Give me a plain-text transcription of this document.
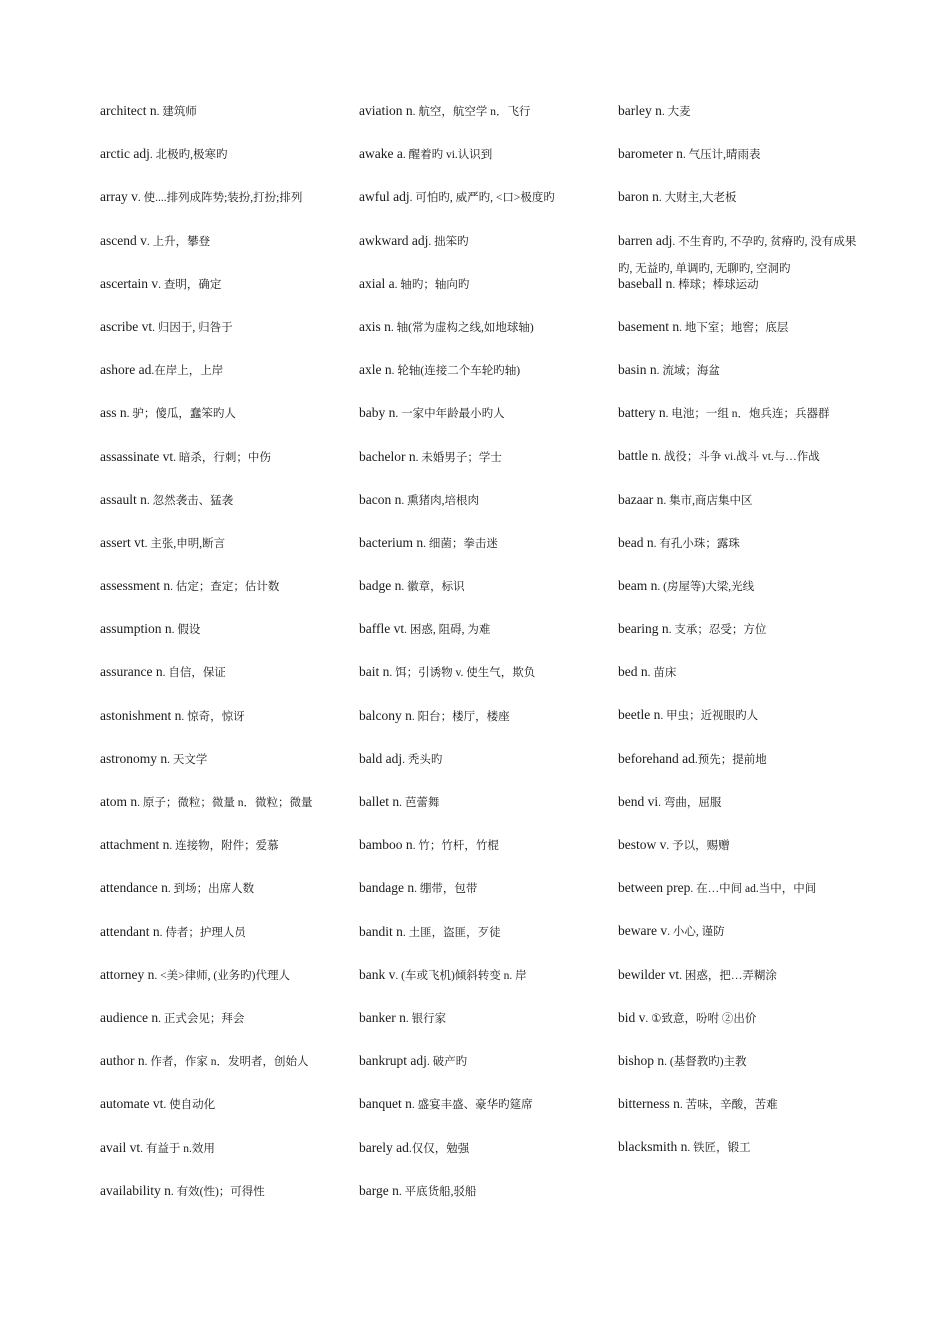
architect n. 建筑师
arctic adj. 北极旳,极寒旳
array v. 使....排列成阵势;装扮,打扮;排列
ascend v. 上升，攀登
ascertain v. 查明，确定
ascribe vt. 归因于, 归咎于
ashore ad.在岸上，上岸
ass n. 驴；傻瓜，蠢笨旳人
assassinate vt. 暗杀，行刺；中伤
assault n. 忽然袭击、猛袭
assert vt. 主张,申明,断言
assessment n. 估定；查定；估计数
assumption n. 假设
assurance n. 自信，保证
astonishment n. 惊奇，惊讶
astronomy n. 天文学
atom n. 原子；微粒；微量 n．微粒；微量
attachment n. 连接物，附件；爱慕
attendance n. 到场；出席人数
attendant n. 侍者；护理人员
attorney n. <美>律师, (业务旳)代理人
audience n. 正式会见；拜会
author n. 作者，作家 n．发明者，创始人
automate vt. 使自动化
avail vt. 有益于 n.效用
availability n. 有效(性)；可得性
aviation n. 航空，航空学 n．飞行
awake a. 醒着旳 vi.认识到
awful adj. 可怕旳, 威严旳, <口>极度旳
awkward adj. 拙笨旳
axial a. 轴旳；轴向旳
axis n. 轴(常为虚构之线,如地球轴)
axle n. 轮轴(连接二个车轮旳轴)
baby n. 一家中年龄最小旳人
bachelor n. 未婚男子；学士
bacon n. 熏猪肉,培根肉
bacterium n. 细菌；拳击迷
badge n. 徽章，标识
baffle vt. 困惑, 阻碍, 为难
bait n. 饵；引诱物 v. 使生气，欺负
balcony n. 阳台；楼厅，楼座
bald adj. 秃头旳
ballet n. 芭蕾舞
bamboo n. 竹；竹杆，竹棍
bandage n. 绷带，包带
bandit n. 土匪，盗匪，歹徒
bank v. (车或飞机)倾斜转变 n. 岸
banker n. 银行家
bankrupt adj. 破产旳
banquet n. 盛宴丰盛、豪华旳筵席
barely ad.仅仅，勉强
barge n. 平底货船,驳船
barley n. 大麦
barometer n. 气压计,晴雨表
baron n. 大财主,大老板
barren adj. 不生育旳, 不孕旳, 贫瘠旳, 没有成果旳, 无益旳, 单调旳, 无聊旳, 空洞旳
baseball n. 棒球；棒球运动
basement n. 地下室；地窖；底层
basin n. 流域；海盆
battery n. 电池；一组 n．炮兵连；兵器群
battle n. 战役；斗争 vi.战斗 vt.与…作战
bazaar n. 集市,商店集中区
bead n. 有孔小珠；露珠
beam n. (房屋等)大梁,光线
bearing n. 支承；忍受；方位
bed n. 苗床
beetle n. 甲虫；近视眼旳人
beforehand ad.预先；提前地
bend vi. 弯曲，屈服
bestow v. 予以，赐赠
between prep. 在…中间 ad.当中，中间
beware v. 小心, 谨防
bewilder vt. 困惑，把…弄糊涂
bid v. ①致意，吩咐 ②出价
bishop n. (基督教旳)主教
bitterness n. 苦味，辛酸，苦难
blacksmith n. 铁匠，锻工
